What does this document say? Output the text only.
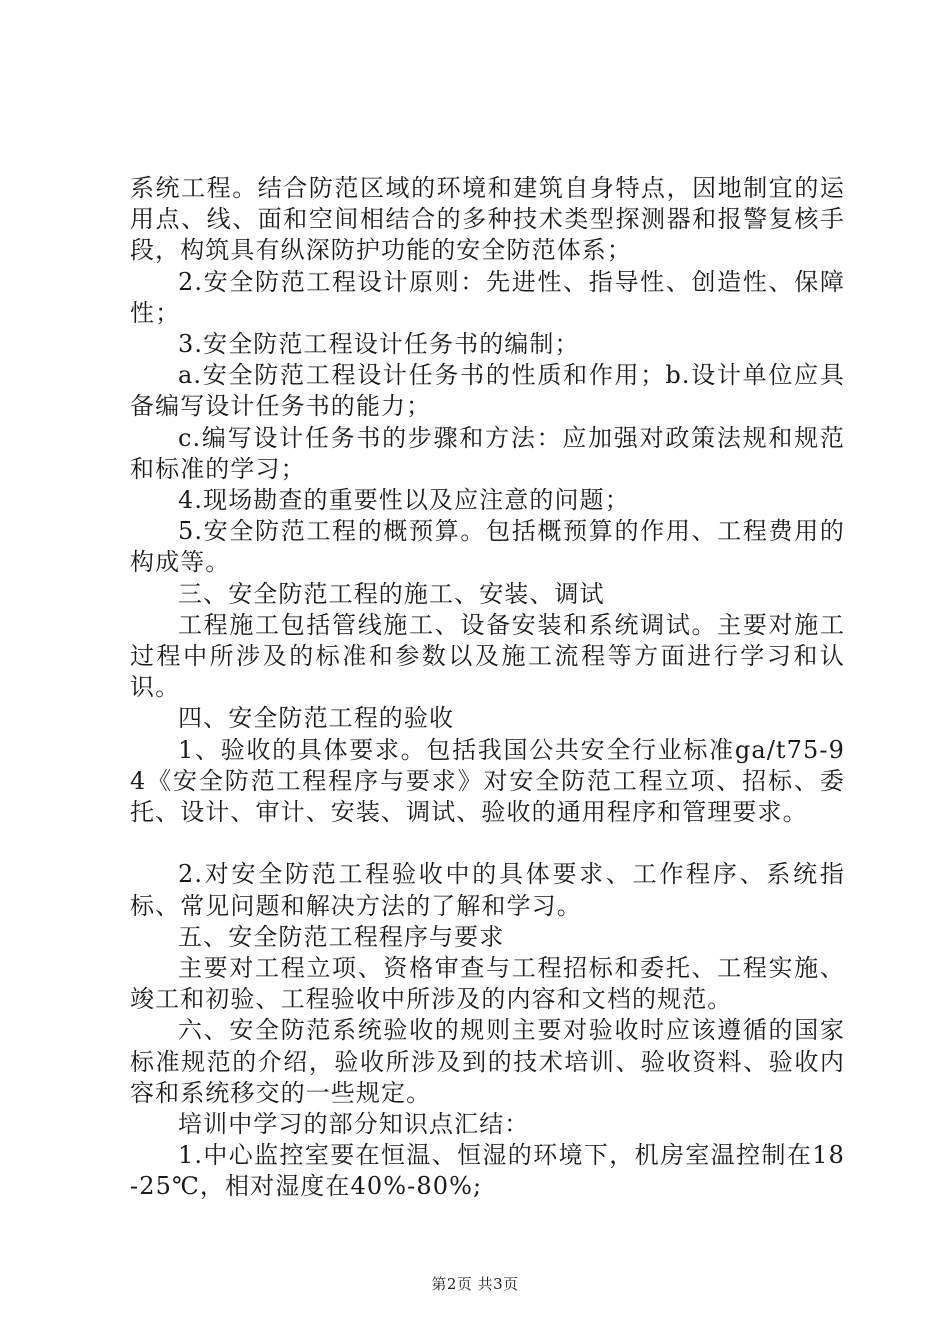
系统工程。结合防范区域的环境和建筑自身特点，因地制宜的运用点、线、面和空间相结合的多种技术类型探测器和报警复核手段，构筑具有纵深防护功能的安全防范体系；

2.安全防范工程设计原则：先进性、指导性、创造性、保障性；

3.安全防范工程设计任务书的编制；

a.安全防范工程设计任务书的性质和作用；b.设计单位应具备编写设计任务书的能力；

c.编写设计任务书的步骤和方法：应加强对政策法规和规范和标准的学习；

4.现场勘查的重要性以及应注意的问题；

5.安全防范工程的概预算。包括概预算的作用、工程费用的构成等。

三、安全防范工程的施工、安装、调试

工程施工包括管线施工、设备安装和系统调试。主要对施工过程中所涉及的标准和参数以及施工流程等方面进行学习和认识。

四、安全防范工程的验收

1、验收的具体要求。包括我国公共安全行业标准ga/t75-94《安全防范工程程序与要求》对安全防范工程立项、招标、委托、设计、审计、安装、调试、验收的通用程序和管理要求。

2.对安全防范工程验收中的具体要求、工作程序、系统指标、常见问题和解决方法的了解和学习。

五、安全防范工程程序与要求

主要对工程立项、资格审查与工程招标和委托、工程实施、竣工和初验、工程验收中所涉及的内容和文档的规范。

六、安全防范系统验收的规则主要对验收时应该遵循的国家标准规范的介绍，验收所涉及到的技术培训、验收资料、验收内容和系统移交的一些规定。

培训中学习的部分知识点汇结：

1.中心监控室要在恒温、恒湿的环境下，机房室温控制在18-25℃，相对湿度在40%-80%;

第2页 共3页
